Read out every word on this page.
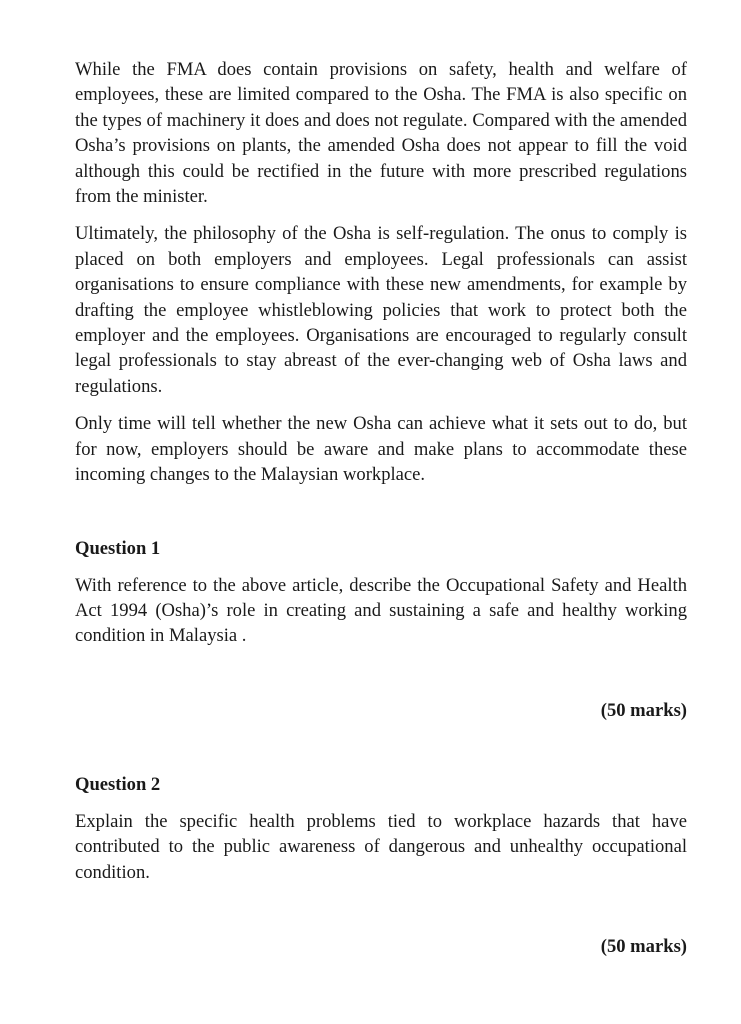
While the FMA does contain provisions on safety, health and welfare of employees, these are limited compared to the Osha. The FMA is also specific on the types of machinery it does and does not regulate. Compared with the amended Osha’s provisions on plants, the amended Osha does not appear to fill the void although this could be rectified in the future with more prescribed regulations from the minister.

Ultimately, the philosophy of the Osha is self-regulation. The onus to comply is placed on both employers and employees. Legal professionals can assist organisations to ensure compliance with these new amendments, for example by drafting the employee whistleblowing policies that work to protect both the employer and the employees. Organisations are encouraged to regularly consult legal professionals to stay abreast of the ever-changing web of Osha laws and regulations.

Only time will tell whether the new Osha can achieve what it sets out to do, but for now, employers should be aware and make plans to accommodate these incoming changes to the Malaysian workplace.

Question 1

With reference to the above article, describe the Occupational Safety and Health Act 1994 (Osha)’s role in creating and sustaining a safe and healthy working condition in Malaysia .

(50 marks)

Question 2

Explain the specific health problems tied to workplace hazards that have contributed to the public awareness of dangerous and unhealthy occupational condition.

(50 marks)
